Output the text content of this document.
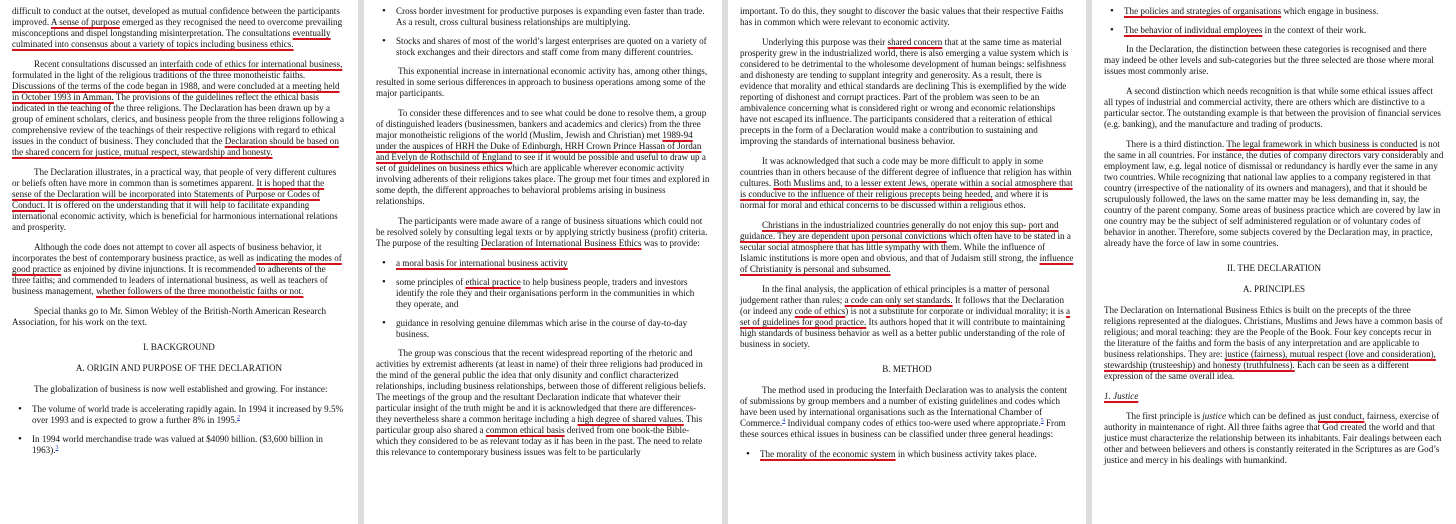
difficult to conduct at the outset, developed as mutual confidence between the participants improved. A sense of purpose emerged as they recognised the need to overcome prevailing misconceptions and dispel longstanding misinterpretation. The consultations eventually culminated into consensus about a variety of topics including business ethics.

Recent consultations discussed an interfaith code of ethics for international business, formulated in the light of the religious traditions of the three monotheistic faiths. Discussions of the terms of the code began in 1988, and were concluded at a meeting held in October 1993 in Amman. The provisions of the guidelines reflect the ethical basis indicated in the teaching of the three religions. The Declaration has been drawn up by a group of eminent scholars, clerics, and business people from the three religions following a comprehensive review of the teachings of their respective religions with regard to ethical issues in the conduct of business. They concluded that the Declaration should be based on the shared concern for justice, mutual respect, stewardship and honesty.

The Declaration illustrates, in a practical way, that people of very different cultures or beliefs often have more in common than is sometimes apparent. It is hoped that the sense of the Declaration will be incorporated into Statements of Purpose or Codes of Conduct. It is offered on the understanding that it will help to facilitate expanding international economic activity, which is beneficial for harmonious international relations and prosperity.

Although the code does not attempt to cover all aspects of business behavior, it incorporates the best of contemporary business practice, as well as indicating the modes of good practice as enjoined by divine injunctions. It is recommended to adherents of the three faiths; and commended to leaders of international business, as well as teachers of business management, whether followers of the three monotheistic faiths or not.

Special thanks go to Mr. Simon Webley of the British-North American Research Association, for his work on the text.

I. BACKGROUND
A. ORIGIN AND PURPOSE OF THE DECLARATION

The globalization of business is now well established and growing. For instance:

• The volume of world trade is accelerating rapidly again. In 1994 it increased by 9.5% over 1993 and is expected to grow a further 8% in 1995.$^2$
• In 1994 world merchandise trade was valued at $4090 billion. ($3,600 billion in 1963).$^3$
• Cross border investment for productive purposes is expanding even faster than trade. As a result, cross cultural business relationships are multiplying.
• Stocks and shares of most of the world’s largest enterprises are quoted on a variety of stock exchanges and their directors and staff come from many different countries.

This exponential increase in international economic activity has, among other things, resulted in some serious differences in approach to business operations among some of the major participants.

To consider these differences and to see what could be done to resolve them, a group of distinguished leaders (businessmen, bankers and academics and clerics) from the three major monotheistic religions of the world (Muslim, Jewish and Christian) met 1989-94 under the auspices of HRH the Duke of Edinburgh, HRH Crown Prince Hassan of Jordan and Evelyn de Rothschild of England to see if it would be possible and useful to draw up a set of guidelines on business ethics which are applicable wherever economic activity involving adherents of their religions takes place. The group met four times and explored in some depth, the different approaches to behavioral problems arising in business relationships.

The participants were made aware of a range of business situations which could not be resolved solely by consulting legal texts or by applying strictly business (profit) criteria. The purpose of the resulting Declaration of International Business Ethics was to provide:

• a moral basis for international business activity
• some principles of ethical practice to help business people, traders and investors identify the role they and their organisations perform in the communities in which they operate, and
• guidance in resolving genuine dilemmas which arise in the course of day-to-day business.

The group was conscious that the recent widespread reporting of the rhetoric and activities by extremist adherents (at least in name) of their three religions had produced in the mind of the general public the idea that only disunity and conflict characterized relationships, including business relationships, between those of different religious beliefs. The meetings of the group and the resultant Declaration indicate that whatever their particular insight of the truth might be and it is acknowledged that there are differences-they nevertheless share a common heritage including a high degree of shared values. This particular group also shared a common ethical basis derived from one book-the Bible-which they considered to be as relevant today as it has been in the past. The need to relate this relevance to contemporary business issues was felt to be particularly

important. To do this, they sought to discover the basic values that their respective Faiths has in common which were relevant to economic activity.

Underlying this purpose was their shared concern that at the same time as material prosperity grew in the industrialized world, there is also emerging a value system which is considered to be detrimental to the wholesome development of human beings: selfishness and dishonesty are tending to supplant integrity and generosity. As a result, there is evidence that morality and ethical standards are declining This is exemplified by the wide reporting of dishonest and corrupt practices. Part of the problem was seen to be an ambivalence concerning what is considered right or wrong and economic relationships have not escaped its influence. The participants considered that a reiteration of ethical precepts in the form of a Declaration would make a contribution to sustaining and improving the standards of international business behavior.

It was acknowledged that such a code may be more difficult to apply in some countries than in others because of the different degree of influence that religion has within cultures. Both Muslims and, to a lesser extent Jews, operate within a social atmosphere that is conducive to the influence of their religious precepts being heeded, and where it is normal for moral and ethical concerns to be discussed within a religious ethos.

Christians in the industrialized countries generally do not enjoy this sup- port and guidance. They are dependent upon personal convictions which often have to be stated in a secular social atmosphere that has little sympathy with them. While the influence of Islamic institutions is more open and obvious, and that of Judaism still strong, the influence of Christianity is personal and subsumed.

In the final analysis, the application of ethical principles is a matter of personal judgement rather than rules; a code can only set standards. It follows that the Declaration (or indeed any code of ethics) is not a substitute for corporate or individual morality; it is a set of guidelines for good practice. Its authors hoped that it will contribute to maintaining high standards of business behavior as well as a better public understanding of the role of business in society.

B. METHOD

The method used in producing the Interfaith Declaration was to analysis the content of submissions by group members and a number of existing guidelines and codes which have been used by international organisations such as the International Chamber of Commerce.$^4$ Individual company codes of ethics too-were used where appropriate.$^5$ From these sources ethical issues in business can be classified under three general headings:

• The morality of the economic system in which business activity takes place.
• The policies and strategies of organisations which engage in business.
• The behavior of individual employees in the context of their work.

In the Declaration, the distinction between these categories is recognised and there may indeed be other levels and sub-categories but the three selected are those where moral issues most commonly arise.

A second distinction which needs recognition is that while some ethical issues affect all types of industrial and commercial activity, there are others which are distinctive to a particular sector. The outstanding example is that between the provision of financial services (e.g. banking), and the manufacture and trading of products.

There is a third distinction. The legal framework in which business is conducted is not the same in all countries. For instance, the duties of company directors vary considerably and employment law, e.g. legal notice of dismissal or redundancy is hardly ever the same in any two countries. While recognizing that national law applies to a company registered in that country (irrespective of the nationality of its owners and managers), and that it should be scrupulously followed, the laws on the same matter may be less demanding in, say, the country of the parent company. Some areas of business practice which are covered by law in one country may be the subject of self administered regulation or of voluntary codes of behavior in another. Therefore, some subjects covered by the Declaration may, in practice, already have the force of law in some countries.

II. THE DECLARATION
A. PRINCIPLES

The Declaration on International Business Ethics is built on the precepts of the three religions represented at the dialogues. Christians, Muslims and Jews have a common basis of religious; and moral teaching: they are the People of the Book. Four key concepts recur in the literature of the faiths and form the basis of any interpretation and are applicable to business relationships. They are: justice (fairness), mutual respect (love and consideration), stewardship (trusteeship) and honesty (truthfulness). Each can be seen as a different expression of the same overall idea.

1. Justice

The first principle is justice which can be defined as just conduct, fairness, exercise of authority in maintenance of right. All three faiths agree that God created the world and that justice must characterize the relationship between its inhabitants. Fair dealings between each other and between believers and others is constantly reiterated in the Scriptures as are God’s justice and mercy in his dealings with humankind.
